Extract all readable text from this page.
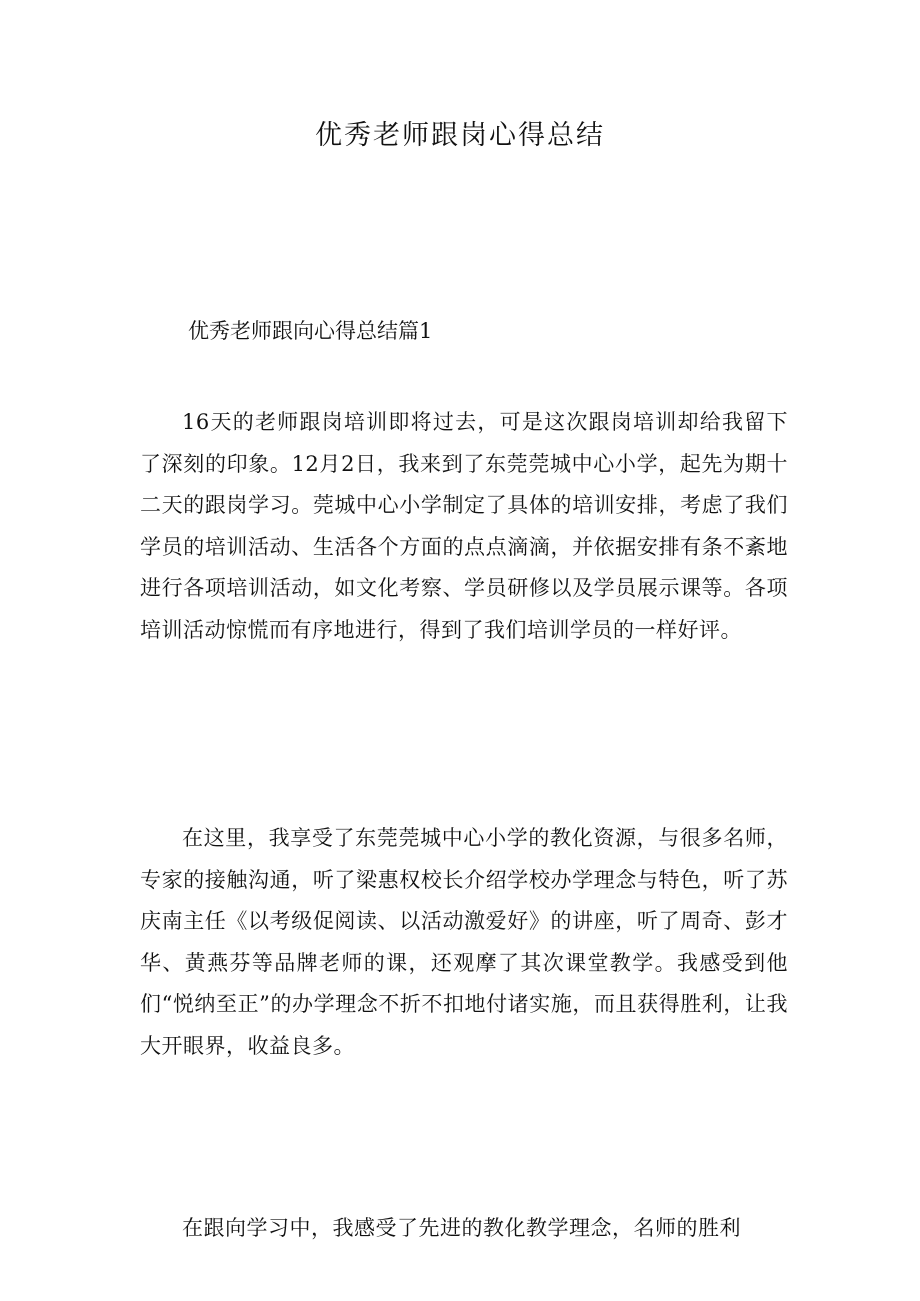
优秀老师跟岗心得总结
优秀老师跟向心得总结篇1

16天的老师跟岗培训即将过去，可是这次跟岗培训却给我留下了深刻的印象。12月2日，我来到了东莞莞城中心小学，起先为期十二天的跟岗学习。莞城中心小学制定了具体的培训安排，考虑了我们学员的培训活动、生活各个方面的点点滴滴，并依据安排有条不紊地进行各项培训活动，如文化考察、学员研修以及学员展示课等。各项培训活动惊慌而有序地进行，得到了我们培训学员的一样好评。

在这里，我享受了东莞莞城中心小学的教化资源，与很多名师，专家的接触沟通，听了梁惠权校长介绍学校办学理念与特色，听了苏庆南主任《以考级促阅读、以活动激爱好》的讲座，听了周奇、彭才华、黄燕芬等品牌老师的课，还观摩了其次课堂教学。我感受到他们“悦纳至正”的办学理念不折不扣地付诸实施，而且获得胜利，让我大开眼界，收益良多。

在跟向学习中，我感受了先进的教化教学理念，名师的胜利
